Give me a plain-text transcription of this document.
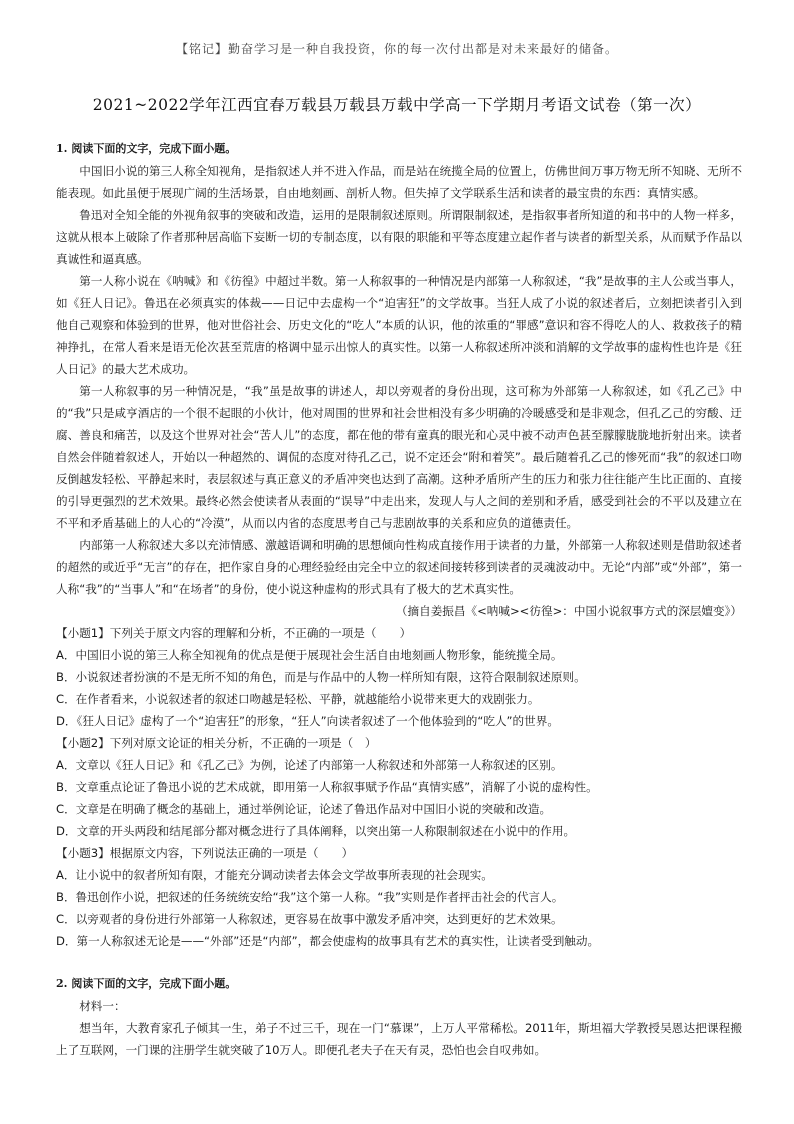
【铭记】勤奋学习是一种自我投资，你的每一次付出都是对未来最好的储备。
2021~2022学年江西宜春万载县万载县万载中学高一下学期月考语文试卷（第一次）

1. 阅读下面的文字，完成下面小题。

中国旧小说的第三人称全知视角，是指叙述人并不进入作品，而是站在统揽全局的位置上，仿佛世间万事万物无所不知晓、无所不能表现。如此虽便于展现广阔的生活场景，自由地刻画、剖析人物。但失掉了文学联系生活和读者的最宝贵的东西：真情实感。

鲁迅对全知全能的外视角叙事的突破和改造，运用的是限制叙述原则。所谓限制叙述，是指叙事者所知道的和书中的人物一样多，这就从根本上破除了作者那种居高临下妄断一切的专制态度，以有限的职能和平等态度建立起作者与读者的新型关系，从而赋予作品以真诚性和逼真感。

第一人称小说在《呐喊》和《彷徨》中超过半数。第一人称叙事的一种情况是内部第一人称叙述，“我”是故事的主人公或当事人，如《狂人日记》。鲁迅在必须真实的体裁——日记中去虚构一个“迫害狂”的文学故事。当狂人成了小说的叙述者后，立刻把读者引入到他自己观察和体验到的世界，他对世俗社会、历史文化的“吃人”本质的认识，他的浓重的“罪感”意识和容不得吃人的人、救救孩子的精神挣扎，在常人看来是语无伦次甚至荒唐的格调中显示出惊人的真实性。以第一人称叙述所冲淡和消解的文学故事的虚构性也许是《狂人日记》的最大艺术成功。

第一人称叙事的另一种情况是，“我”虽是故事的讲述人，却以旁观者的身份出现，这可称为外部第一人称叙述，如《孔乙己》中的“我”只是咸亨酒店的一个很不起眼的小伙计，他对周围的世界和社会世相没有多少明确的冷暖感受和是非观念，但孔乙己的穷酸、迂腐、善良和痛苦，以及这个世界对社会“苦人儿”的态度，都在他的带有童真的眼光和心灵中被不动声色甚至朦朦胧胧地折射出来。读者自然会伴随着叙述人，开始以一种超然的、调侃的态度对待孔乙己，说不定还会“附和着笑”。最后随着孔乙己的惨死而“我”的叙述口吻反倒越发轻松、平静起来时，表层叙述与真正意义的矛盾冲突也达到了高潮。这种矛盾所产生的压力和张力往往能产生比正面的、直接的引导更强烈的艺术效果。最终必然会使读者从表面的“误导”中走出来，发现人与人之间的差别和矛盾，感受到社会的不平以及建立在不平和矛盾基础上的人心的“冷漠”，从而以内省的态度思考自己与悲剧故事的关系和应负的道德责任。

内部第一人称叙述大多以充沛情感、激越语调和明确的思想倾向性构成直接作用于读者的力量，外部第一人称叙述则是借助叙述者的超然的或近乎“无言”的存在，把作家自身的心理经验经由完全中立的叙述间接转移到读者的灵魂波动中。无论“内部”或“外部”，第一人称“我”的“当事人”和“在场者”的身份，使小说这种虚构的形式具有了极大的艺术真实性。

（摘自姜振昌《<呐喊><彷徨>：中国小说叙事方式的深层嬗变》）

【小题1】下列关于原文内容的理解和分析，不正确的一项是（　　）

A．中国旧小说的第三人称全知视角的优点是便于展现社会生活自由地刻画人物形象，能统揽全局。

B．小说叙述者扮演的不是无所不知的角色，而是与作品中的人物一样所知有限，这符合限制叙述原则。

C．在作者看来，小说叙述者的叙述口吻越是轻松、平静，就越能给小说带来更大的戏剧张力。

D．《狂人日记》虚构了一个“迫害狂”的形象，“狂人”向读者叙述了一个他体验到的“吃人”的世界。

【小题2】下列对原文论证的相关分析，不正确的一项是（　）

A．文章以《狂人日记》和《孔乙己》为例，论述了内部第一人称叙述和外部第一人称叙述的区别。

B．文章重点论证了鲁迅小说的艺术成就，即用第一人称叙事赋予作品“真情实感”，消解了小说的虚构性。

C．文章是在明确了概念的基础上，通过举例论证，论述了鲁迅作品对中国旧小说的突破和改造。

D．文章的开头两段和结尾部分都对概念进行了具体阐释，以突出第一人称限制叙述在小说中的作用。

【小题3】根据原文内容，下列说法正确的一项是（　　）

A．让小说中的叙者所知有限，才能充分调动读者去体会文学故事所表现的社会现实。

B．鲁迅创作小说，把叙述的任务统统安给“我”这个第一人称。“我”实则是作者抨击社会的代言人。

C．以旁观者的身份进行外部第一人称叙述，更容易在故事中激发矛盾冲突，达到更好的艺术效果。

D．第一人称叙述无论是——“外部”还是“内部”，都会使虚构的故事具有艺术的真实性，让读者受到触动。

2. 阅读下面的文字，完成下面小题。

材料一：

想当年，大教育家孔子倾其一生，弟子不过三千，现在一门“慕课”，上万人平常稀松。2011年，斯坦福大学教授吴恩达把课程搬上了互联网，一门课的注册学生就突破了10万人。即便孔老夫子在天有灵，恐怕也会自叹弗如。
